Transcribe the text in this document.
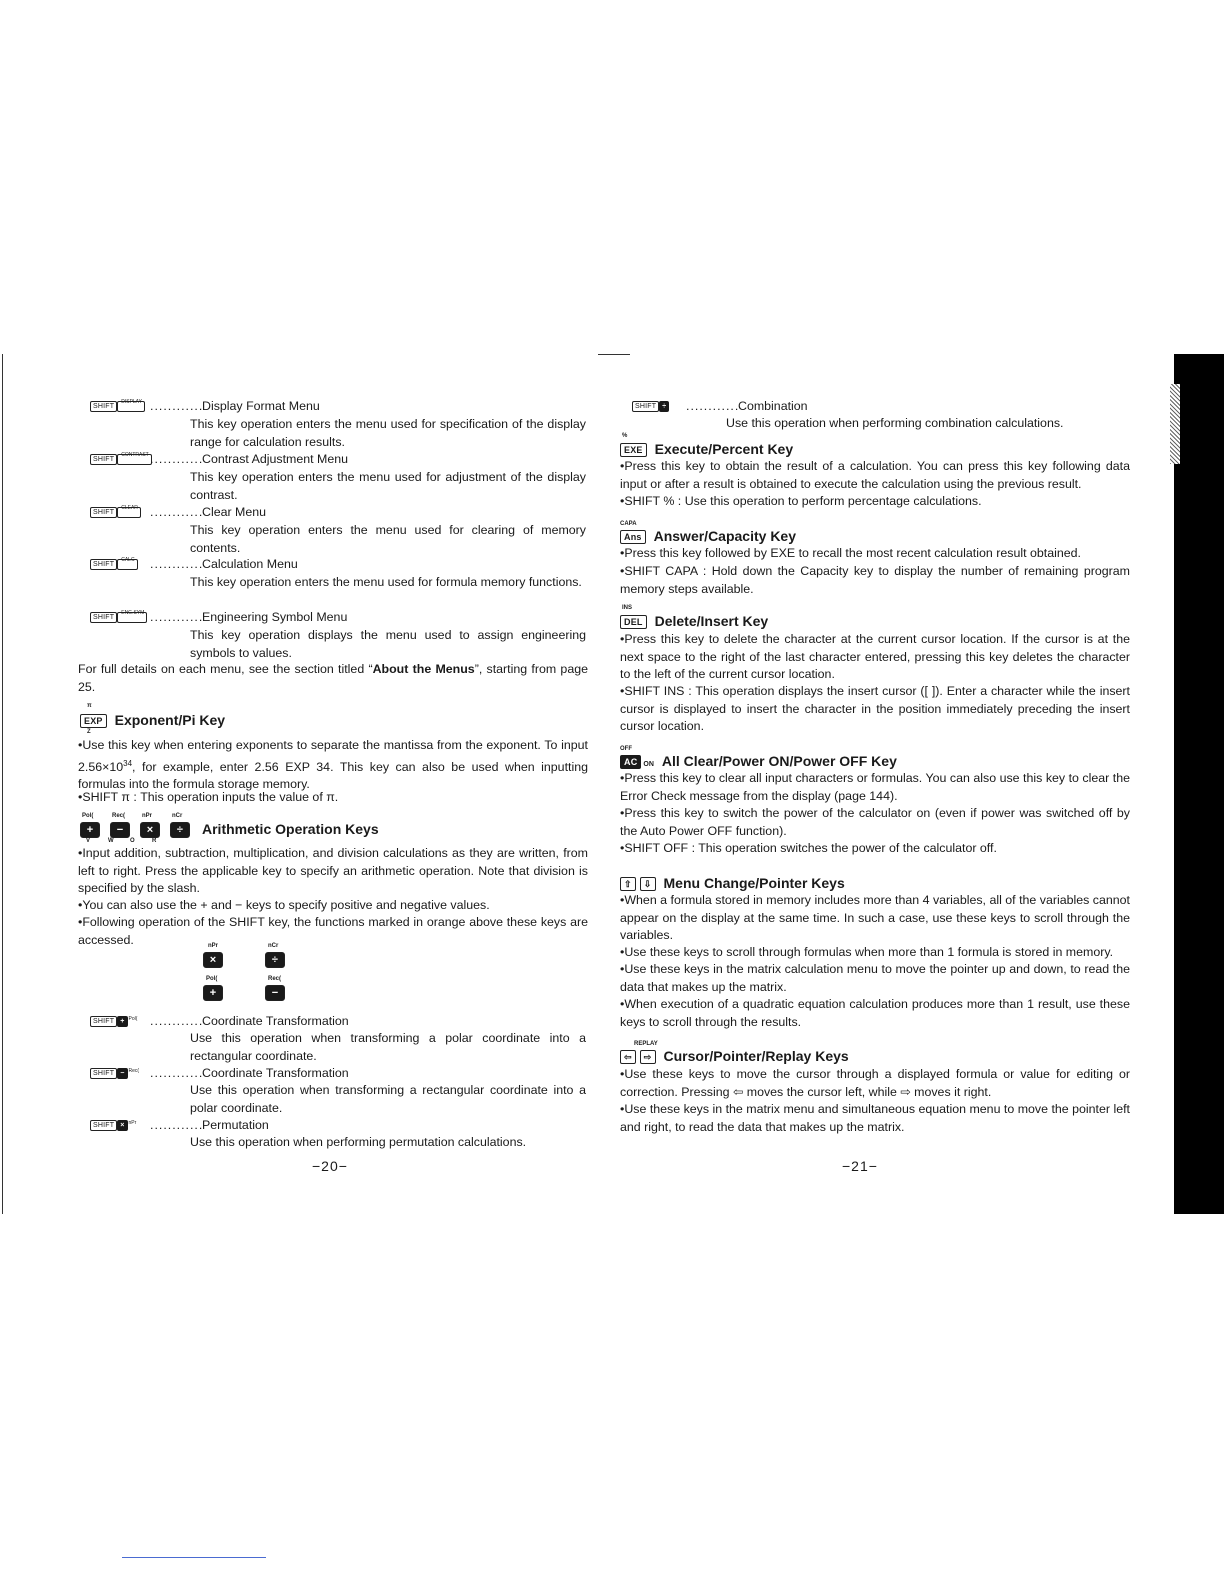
$SHIFT^{DISPLAY}$ ............
Display Format Menu
This key operation enters the menu used for specification of the display range for calculation results.
$SHIFT^{CONTRAST}$ ............
Contrast Adjustment Menu
This key operation enters the menu used for adjustment of the display contrast.
$SHIFT^{CLEAR}$ ............
Clear Menu
This key operation enters the menu used for clearing of memory contents.
$SHIFT^{CALC}$ ............
Calculation Menu
This key operation enters the menu used for formula memory functions.
$SHIFT^{ENG.SYM}$ ............
Engineering Symbol Menu
This key operation displays the menu used to assign engineering symbols to values.
For full details on each menu, see the section titled “About the Menus”, starting from page 25.
π
EXP Exponent/Pi Key
Z
•Use this key when entering exponents to separate the mantissa from the exponent. To input $2.56\times 10^{34}$, for example, enter 2.56 EXP 34. This key can also be used when inputting formulas into the formula storage memory.
•SHIFT π : This operation inputs the value of π.
Pol(	Rec(	nPr	nCr
+ − × ÷ Arithmetic Operation Keys
V	W	O	R
•Input addition, subtraction, multiplication, and division calculations as they are written, from left to right. Press the applicable key to specify an arithmetic operation. Note that division is specified by the slash.
•You can also use the + and − keys to specify positive and negative values.
•Following operation of the SHIFT key, the functions marked in orange above these keys are accessed.	nPr	nCr
×	÷
Pol(	Rec(
+	−
SHIFT + $^{Pol(}$ ............
Coordinate Transformation
Use this operation when transforming a polar coordinate into a rectangular coordinate.
SHIFT − $^{Rec(}$ ............
Coordinate Transformation
Use this operation when transforming a rectangular coordinate into a polar coordinate.
SHIFT × $^{nPr}$ ............
Permutation
Use this operation when performing permutation calculations.
−20−
SHIFT ÷ ............
Combination
Use this operation when performing combination calculations.
%
EXE Execute/Percent Key
•Press this key to obtain the result of a calculation. You can press this key following data input or after a result is obtained to execute the calculation using the previous result.
•SHIFT % : Use this operation to perform percentage calculations.
CAPA
Ans Answer/Capacity Key
•Press this key followed by EXE to recall the most recent calculation result obtained.
•SHIFT CAPA : Hold down the Capacity key to display the number of remaining program memory steps available.
INS
DEL Delete/Insert Key
•Press this key to delete the character at the current cursor location. If the cursor is at the next space to the right of the last character entered, pressing this key deletes the character to the left of the current cursor location.
•SHIFT INS : This operation displays the insert cursor ([ ]). Enter a character while the insert cursor is displayed to insert the character in the position immediately preceding the insert cursor location.
OFF
AC ON All Clear/Power ON/Power OFF Key
•Press this key to clear all input characters or formulas. You can also use this key to clear the Error Check message from the display (page 144).
•Press this key to switch the power of the calculator on (even if power was switched off by the Auto Power OFF function).
•SHIFT OFF : This operation switches the power of the calculator off.
⇧ ⇩ Menu Change/Pointer Keys
•When a formula stored in memory includes more than 4 variables, all of the variables cannot appear on the display at the same time. In such a case, use these keys to scroll through the variables.
•Use these keys to scroll through formulas when more than 1 formula is stored in memory.
•Use these keys in the matrix calculation menu to move the pointer up and down, to read the data that makes up the matrix.
•When execution of a quadratic equation calculation produces more than 1 result, use these keys to scroll through the results.
REPLAY
⇦ ⇨ Cursor/Pointer/Replay Keys
•Use these keys to move the cursor through a displayed formula or value for editing or correction. Pressing ⇦ moves the cursor left, while ⇨ moves it right.
•Use these keys in the matrix menu and simultaneous equation menu to move the pointer left and right, to read the data that makes up the matrix.
−21−
